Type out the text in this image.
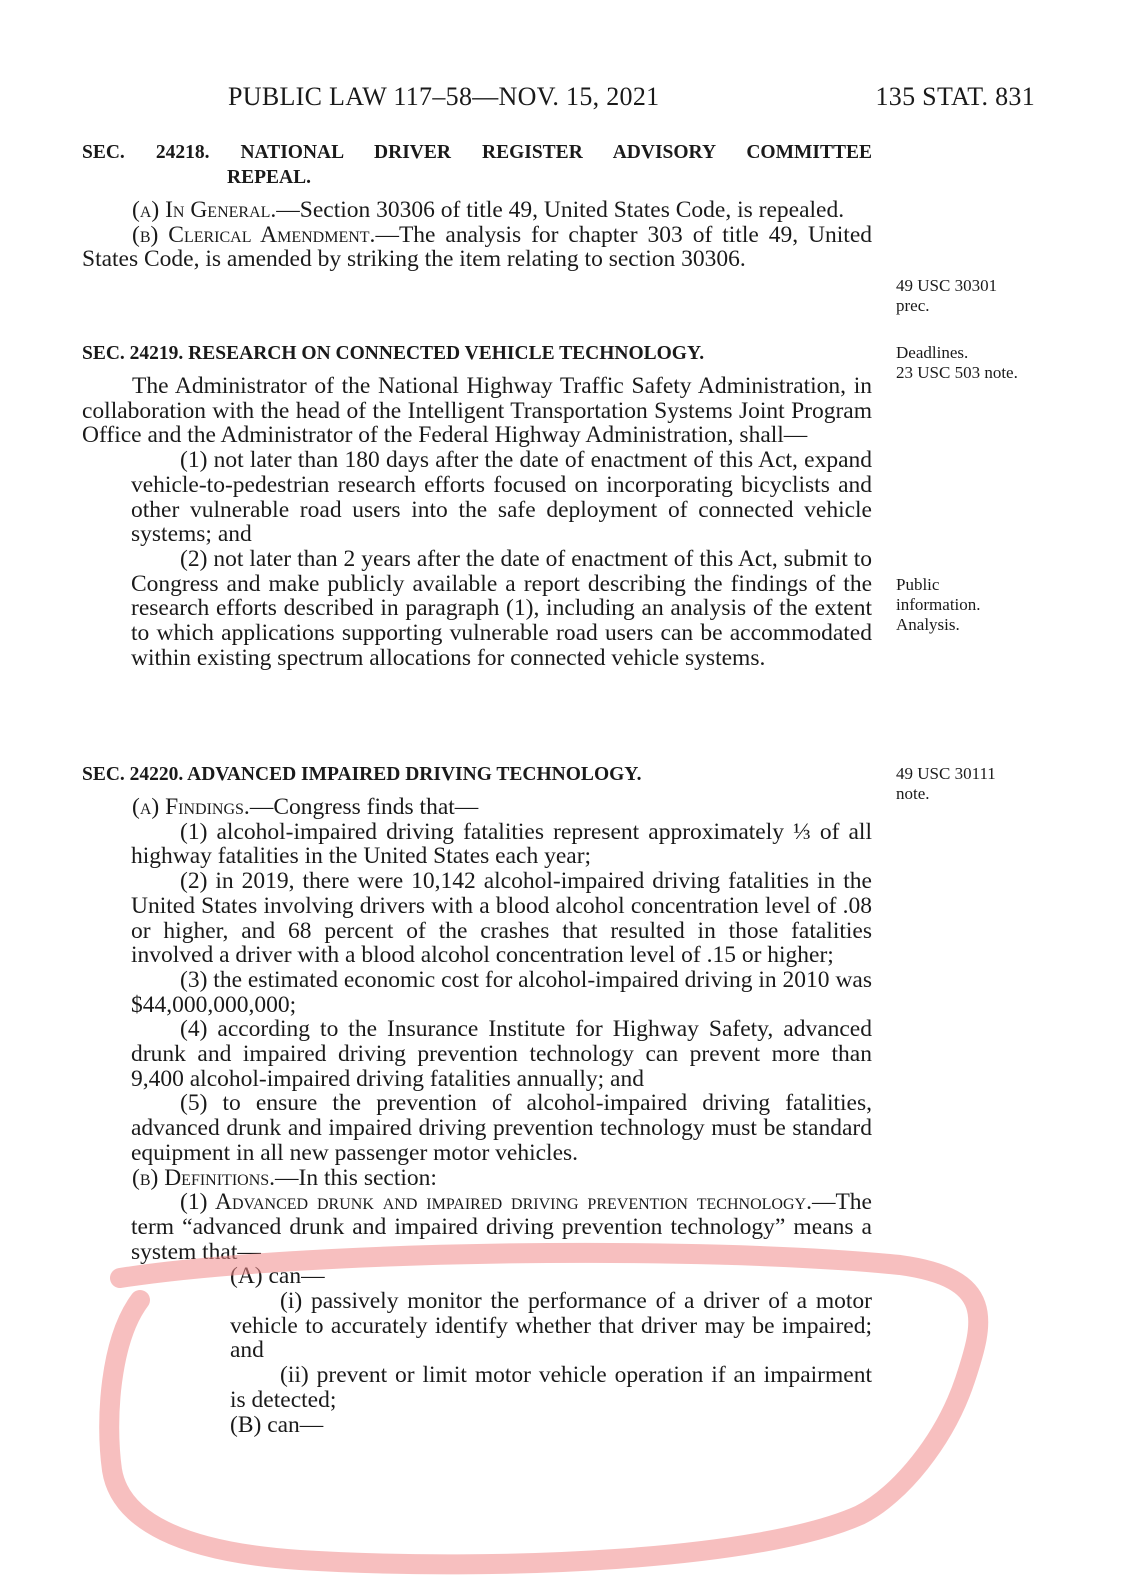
PUBLIC LAW 117–58—NOV. 15, 2021	135 STAT. 831
SEC. 24218. NATIONAL DRIVER REGISTER ADVISORY COMMITTEE
REPEAL.

(a) In General.—Section 30306 of title 49, United States Code, is repealed.

(b) Clerical Amendment.—The analysis for chapter 303 of title 49, United States Code, is amended by striking the item relating to section 30306.

SEC. 24219. RESEARCH ON CONNECTED VEHICLE TECHNOLOGY.

The Administrator of the National Highway Traffic Safety Administration, in collaboration with the head of the Intelligent Transportation Systems Joint Program Office and the Administrator of the Federal Highway Administration, shall—

(1) not later than 180 days after the date of enactment of this Act, expand vehicle-to-pedestrian research efforts focused on incorporating bicyclists and other vulnerable road users into the safe deployment of connected vehicle systems; and

(2) not later than 2 years after the date of enactment of this Act, submit to Congress and make publicly available a report describing the findings of the research efforts described in paragraph (1), including an analysis of the extent to which applications supporting vulnerable road users can be accommodated within existing spectrum allocations for connected vehicle systems.

SEC. 24220. ADVANCED IMPAIRED DRIVING TECHNOLOGY.

(a) Findings.—Congress finds that—

(1) alcohol-impaired driving fatalities represent approximately ⅓ of all highway fatalities in the United States each year;

(2) in 2019, there were 10,142 alcohol-impaired driving fatalities in the United States involving drivers with a blood alcohol concentration level of .08 or higher, and 68 percent of the crashes that resulted in those fatalities involved a driver with a blood alcohol concentration level of .15 or higher;

(3) the estimated economic cost for alcohol-impaired driving in 2010 was $44,000,000,000;

(4) according to the Insurance Institute for Highway Safety, advanced drunk and impaired driving prevention technology can prevent more than 9,400 alcohol-impaired driving fatalities annually; and

(5) to ensure the prevention of alcohol-impaired driving fatalities, advanced drunk and impaired driving prevention technology must be standard equipment in all new passenger motor vehicles.

(b) Definitions.—In this section:

(1) Advanced drunk and impaired driving prevention technology.—The term “advanced drunk and impaired driving prevention technology” means a system that—

(A) can—

(i) passively monitor the performance of a driver of a motor vehicle to accurately identify whether that driver may be impaired; and

(ii) prevent or limit motor vehicle operation if an impairment is detected;

(B) can—

49 USC 30301
prec.
Deadlines.
23 USC 503 note.
Public
information.
Analysis.
49 USC 30111
note.
